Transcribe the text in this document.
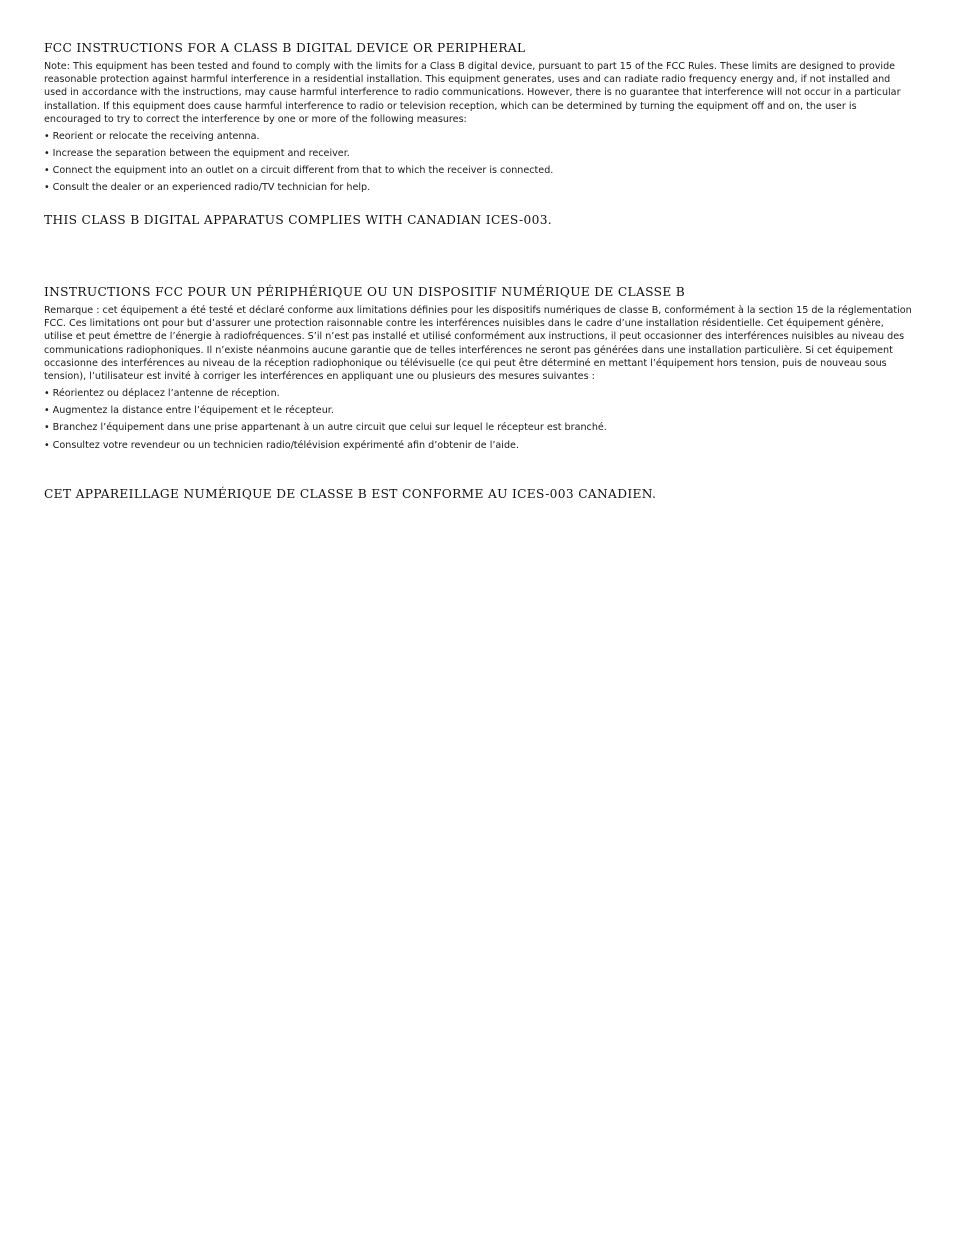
FCC INSTRUCTIONS FOR A CLASS B DIGITAL DEVICE OR PERIPHERAL

Note: This equipment has been tested and found to comply with the limits for a Class B digital device, pursuant to part 15 of the FCC Rules. These limits are designed to provide reasonable protection against harmful interference in a residential installation. This equipment generates, uses and can radiate radio frequency energy and, if not installed and used in accordance with the instructions, may cause harmful interference to radio communications. However, there is no guarantee that interference will not occur in a particular installation. If this equipment does cause harmful interference to radio or television reception, which can be determined by turning the equipment off and on, the user is encouraged to try to correct the interference by one or more of the following measures:

• Reorient or relocate the receiving antenna.
• Increase the separation between the equipment and receiver.
• Connect the equipment into an outlet on a circuit different from that to which the receiver is connected.
• Consult the dealer or an experienced radio/TV technician for help.

THIS CLASS B DIGITAL APPARATUS COMPLIES WITH CANADIAN ICES-003.

INSTRUCTIONS FCC POUR UN PÉRIPHÉRIQUE OU UN DISPOSITIF NUMÉRIQUE DE CLASSE B

Remarque : cet équipement a été testé et déclaré conforme aux limitations définies pour les dispositifs numériques de classe B, conformément à la section 15 de la réglementation FCC. Ces limitations ont pour but d’assurer une protection raisonnable contre les interférences nuisibles dans le cadre d’une installation résidentielle. Cet équipement génère, utilise et peut émettre de l’énergie à radiofréquences. S’il n’est pas installé et utilisé conformément aux instructions, il peut occasionner des interférences nuisibles au niveau des communications radiophoniques. Il n’existe néanmoins aucune garantie que de telles interférences ne seront pas générées dans une installation particulière. Si cet équipement occasionne des interférences au niveau de la réception radiophonique ou télévisuelle (ce qui peut être déterminé en mettant l’équipement hors tension, puis de nouveau sous tension), l’utilisateur est invité à corriger les interférences en appliquant une ou plusieurs des mesures suivantes :

• Réorientez ou déplacez l’antenne de réception.
• Augmentez la distance entre l’équipement et le récepteur.
• Branchez l’équipement dans une prise appartenant à un autre circuit que celui sur lequel le récepteur est branché.
• Consultez votre revendeur ou un technicien radio/télévision expérimenté afin d’obtenir de l’aide.

CET APPAREILLAGE NUMÉRIQUE DE CLASSE B EST CONFORME AU ICES-003 CANADIEN.
